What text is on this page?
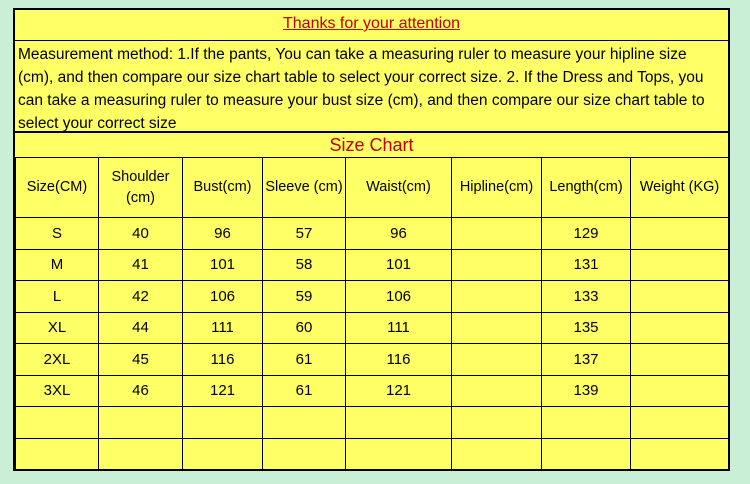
Thanks for your attention
Measurement method: 1.If the pants, You can take a measuring ruler to measure your hipline size (cm), and then compare our size chart table to select your correct size. 2. If the Dress and Tops, you can take a measuring ruler to measure your bust size (cm), and then compare our size chart table to select your correct size
Size Chart
Size(CM)	Shoulder (cm)	Bust(cm)	Sleeve (cm)	Waist(cm)	Hipline(cm)	Length(cm)	Weight (KG)
S	40	96	57	96		129	
M	41	101	58	101		131	
L	42	106	59	106		133	
XL	44	111	60	111		135	
2XL	45	116	61	116		137	
3XL	46	121	61	121		139	
